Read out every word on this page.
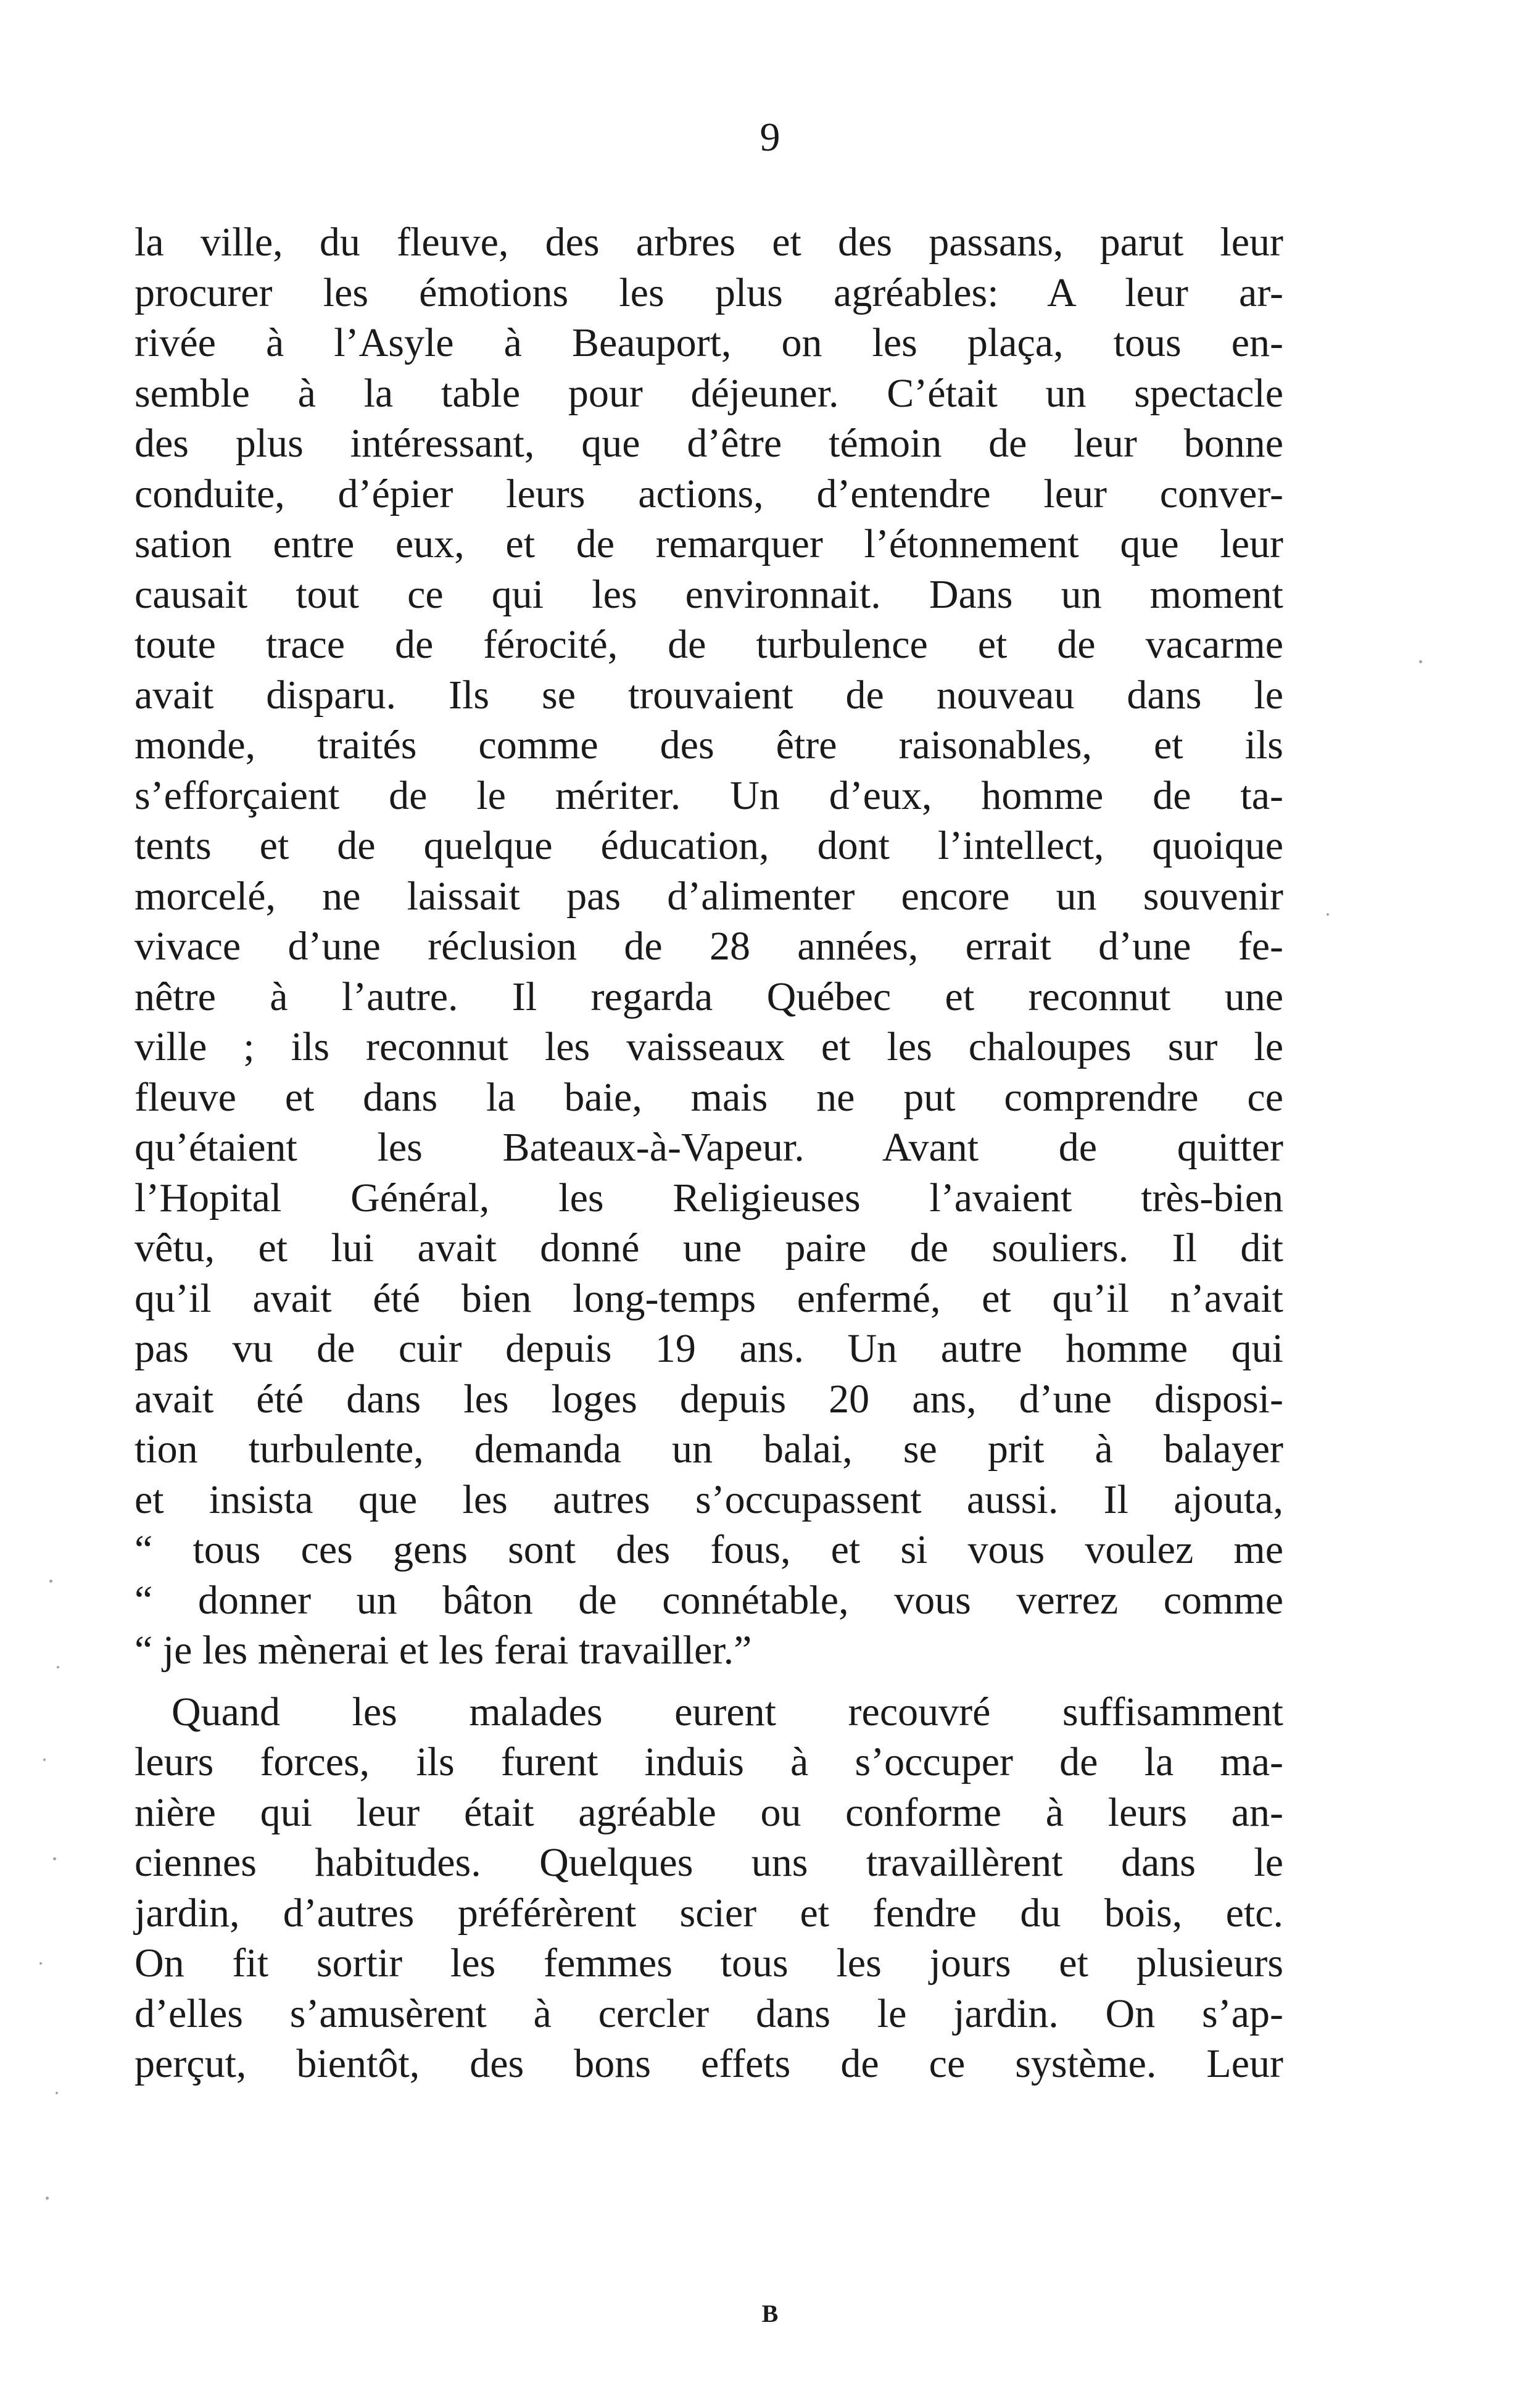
9
la ville, du fleuve, des arbres et des passans, parut leur
procurer les émotions les plus agréables: A leur ar-
rivée à l’Asyle à Beauport, on les plaça, tous en-
semble à la table pour déjeuner. C’était un spectacle
des plus intéressant, que d’être témoin de leur bonne
conduite, d’épier leurs actions, d’entendre leur conver-
sation entre eux, et de remarquer l’étonnement que leur
causait tout ce qui les environnait. Dans un moment
toute trace de férocité, de turbulence et de vacarme
avait disparu. Ils se trouvaient de nouveau dans le
monde, traités comme des être raisonables, et ils
s’efforçaient de le mériter. Un d’eux, homme de ta-
tents et de quelque éducation, dont l’intellect, quoique
morcelé, ne laissait pas d’alimenter encore un souvenir
vivace d’une réclusion de 28 années, errait d’une fe-
nêtre à l’autre. Il regarda Québec et reconnut une
ville ; ils reconnut les vaisseaux et les chaloupes sur le
fleuve et dans la baie, mais ne put comprendre ce
qu’étaient les Bateaux-à-Vapeur. Avant de quitter
l’Hopital Général, les Religieuses l’avaient très-bien
vêtu, et lui avait donné une paire de souliers. Il dit
qu’il avait été bien long-temps enfermé, et qu’il n’avait
pas vu de cuir depuis 19 ans. Un autre homme qui
avait été dans les loges depuis 20 ans, d’une disposi-
tion turbulente, demanda un balai, se prit à balayer
et insista que les autres s’occupassent aussi. Il ajouta,
“ tous ces gens sont des fous, et si vous voulez me
“ donner un bâton de connétable, vous verrez comme
“ je les mènerai et les ferai travailler.”
Quand les malades eurent recouvré suffisamment
leurs forces, ils furent induis à s’occuper de la ma-
nière qui leur était agréable ou conforme à leurs an-
ciennes habitudes. Quelques uns travaillèrent dans le
jardin, d’autres préférèrent scier et fendre du bois, etc.
On fit sortir les femmes tous les jours et plusieurs
d’elles s’amusèrent à cercler dans le jardin. On s’ap-
perçut, bientôt, des bons effets de ce système. Leur
B
